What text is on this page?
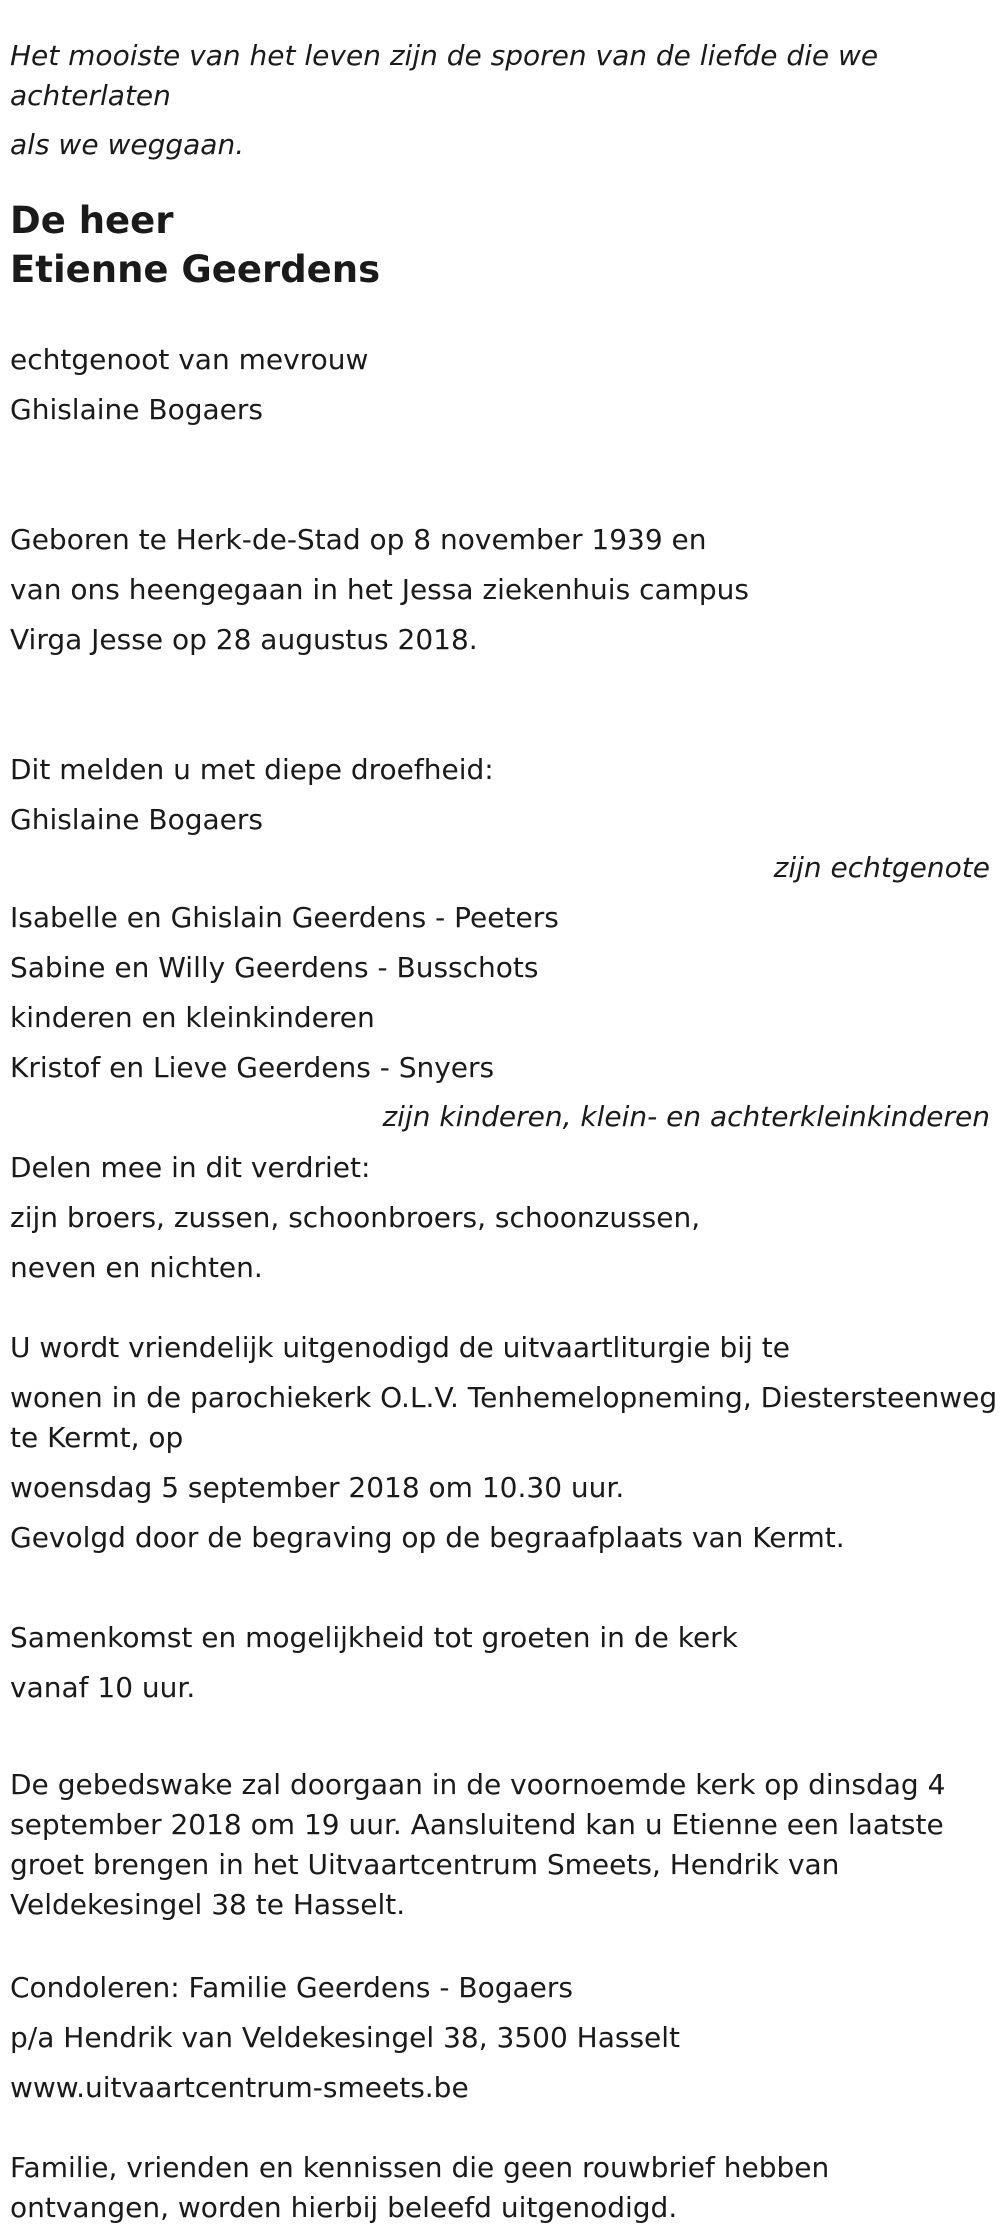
Het mooiste van het leven zijn de sporen van de liefde die we achterlaten

als we weggaan.

De heer
Etienne Geerdens

echtgenoot van mevrouw

Ghislaine Bogaers

Geboren te Herk-de-Stad op 8 november 1939 en

van ons heengegaan in het Jessa ziekenhuis campus

Virga Jesse op 28 augustus 2018.

Dit melden u met diepe droefheid:

Ghislaine Bogaers

zijn echtgenote

Isabelle en Ghislain Geerdens - Peeters

Sabine en Willy Geerdens - Busschots

kinderen en kleinkinderen

Kristof en Lieve Geerdens - Snyers

zijn kinderen, klein- en achterkleinkinderen

Delen mee in dit verdriet:

zijn broers, zussen, schoonbroers, schoonzussen,

neven en nichten.

U wordt vriendelijk uitgenodigd de uitvaartliturgie bij te

wonen in de parochiekerk O.L.V. Tenhemelopneming, Diestersteenweg te Kermt, op

woensdag 5 september 2018 om 10.30 uur.

Gevolgd door de begraving op de begraafplaats van Kermt.

Samenkomst en mogelijkheid tot groeten in de kerk

vanaf 10 uur.

De gebedswake zal doorgaan in de voornoemde kerk op dinsdag 4 september 2018 om 19 uur. Aansluitend kan u Etienne een laatste groet brengen in het Uitvaartcentrum Smeets, Hendrik van Veldekesingel 38 te Hasselt.

Condoleren: Familie Geerdens - Bogaers

p/a Hendrik van Veldekesingel 38, 3500 Hasselt

www.uitvaartcentrum-smeets.be

Familie, vrienden en kennissen die geen rouwbrief hebben ontvangen, worden hierbij beleefd uitgenodigd.
